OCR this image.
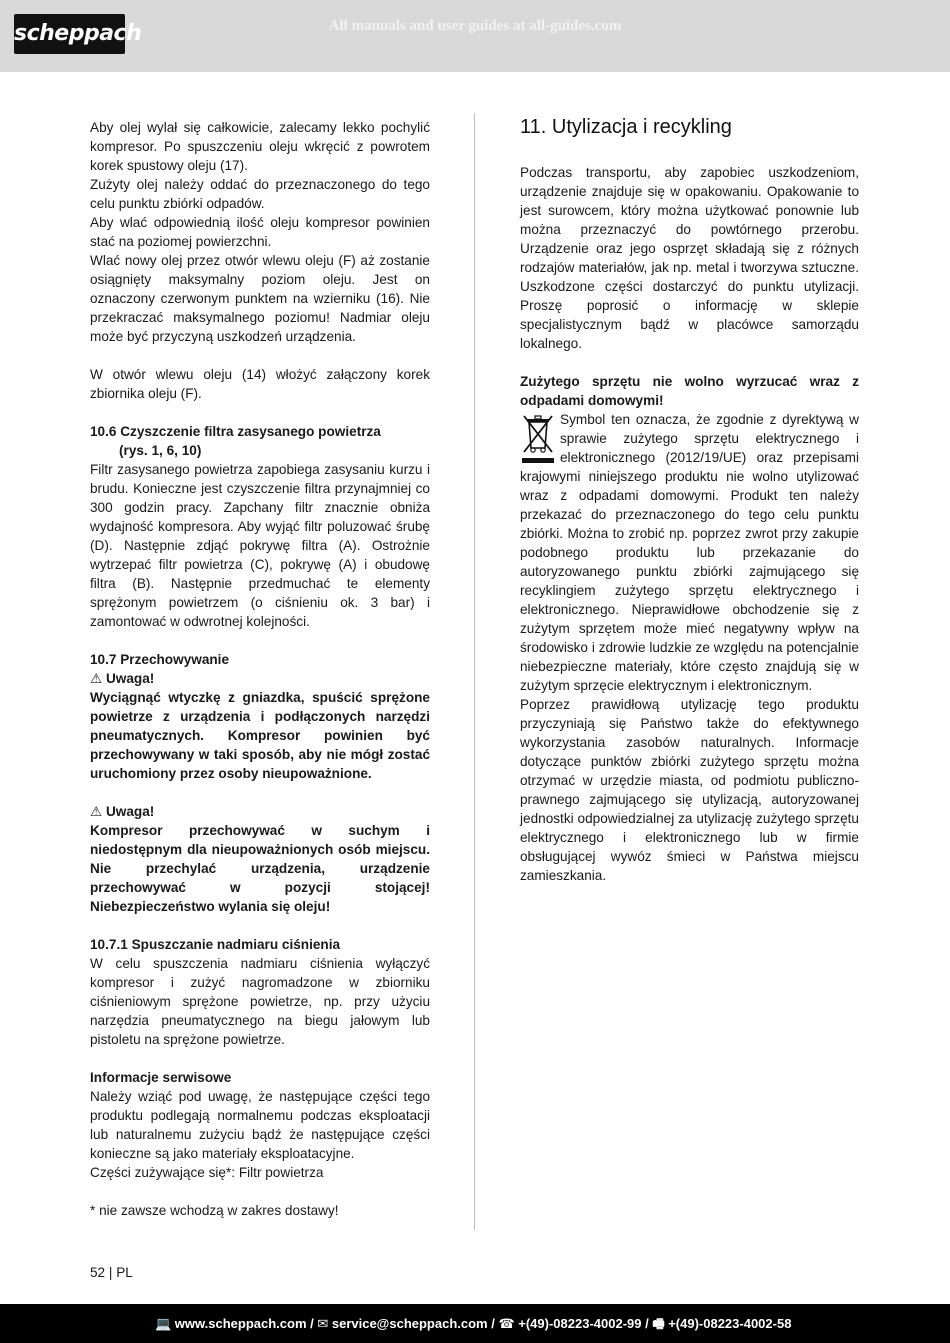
scheppach	All manuals and user guides at all-guides.com

Aby olej wylał się całkowicie, zalecamy lekko pochylić kompresor. Po spuszczeniu oleju wkręcić z powrotem korek spustowy oleju (17).

Zużyty olej należy oddać do przeznaczonego do tego celu punktu zbiórki odpadów.

Aby wlać odpowiednią ilość oleju kompresor powinien stać na poziomej powierzchni.

Wlać nowy olej przez otwór wlewu oleju (F) aż zostanie osiągnięty maksymalny poziom oleju. Jest on oznaczony czerwonym punktem na wzierniku (16). Nie przekraczać maksymalnego poziomu! Nadmiar oleju może być przyczyną uszkodzeń urządzenia.

W otwór wlewu oleju (14) włożyć załączony korek zbiornika oleju (F).

10.6 Czyszczenie filtra zasysanego powietrza

(rys. 1, 6, 10)

Filtr zasysanego powietrza zapobiega zasysaniu kurzu i brudu. Konieczne jest czyszczenie filtra przynajmniej co 300 godzin pracy. Zapchany filtr znacznie obniża wydajność kompresora. Aby wyjąć filtr poluzować śrubę (D). Następnie zdjąć pokrywę filtra (A). Ostrożnie wytrzepać filtr powietrza (C), pokrywę (A) i obudowę filtra (B). Następnie przedmuchać te elementy sprężonym powietrzem (o ciśnieniu ok. 3 bar) i zamontować w odwrotnej kolejności.

10.7 Przechowywanie

⚠ Uwaga!

Wyciągnąć wtyczkę z gniazdka, spuścić sprężone powietrze z urządzenia i podłączonych narzędzi pneumatycznych. Kompresor powinien być przechowywany w taki sposób, aby nie mógł zostać uruchomiony przez osoby nieupoważnione.

⚠ Uwaga!

Kompresor przechowywać w suchym i niedostępnym dla nieupoważnionych osób miejscu. Nie przechylać urządzenia, urządzenie przechowywać w pozycji stojącej! Niebezpieczeństwo wylania się oleju!

10.7.1 Spuszczanie nadmiaru ciśnienia

W celu spuszczenia nadmiaru ciśnienia wyłączyć kompresor i zużyć nagromadzone w zbiorniku ciśnieniowym sprężone powietrze, np. przy użyciu narzędzia pneumatycznego na biegu jałowym lub pistoletu na sprężone powietrze.

Informacje serwisowe

Należy wziąć pod uwagę, że następujące części tego produktu podlegają normalnemu podczas eksploatacji lub naturalnemu zużyciu bądź że następujące części konieczne są jako materiały eksploatacyjne.

Części zużywające się*: Filtr powietrza

* nie zawsze wchodzą w zakres dostawy!

11. Utylizacja i recykling

Podczas transportu, aby zapobiec uszkodzeniom, urządzenie znajduje się w opakowaniu. Opakowanie to jest surowcem, który można użytkować ponownie lub można przeznaczyć do powtórnego przerobu. Urządzenie oraz jego osprzęt składają się z różnych rodzajów materiałów, jak np. metal i tworzywa sztuczne. Uszkodzone części dostarczyć do punktu utylizacji. Proszę poprosić o informację w sklepie specjalistycznym bądź w placówce samorządu lokalnego.

Zużytego sprzętu nie wolno wyrzucać wraz z odpadami domowymi!

Symbol ten oznacza, że zgodnie z dyrektywą w sprawie zużytego sprzętu elektrycznego i elektronicznego (2012/19/UE) oraz przepisami krajowymi niniejszego produktu nie wolno utylizować wraz z odpadami domowymi. Produkt ten należy przekazać do przeznaczonego do tego celu punktu zbiórki. Można to zrobić np. poprzez zwrot przy zakupie podobnego produktu lub przekazanie do autoryzowanego punktu zbiórki zajmującego się recyklingiem zużytego sprzętu elektrycznego i elektronicznego. Nieprawidłowe obchodzenie się z zużytym sprzętem może mieć negatywny wpływ na środowisko i zdrowie ludzkie ze względu na potencjalnie niebezpieczne materiały, które często znajdują się w zużytym sprzęcie elektrycznym i elektronicznym.

Poprzez prawidłową utylizację tego produktu przyczyniają się Państwo także do efektywnego wykorzystania zasobów naturalnych. Informacje dotyczące punktów zbiórki zużytego sprzętu można otrzymać w urzędzie miasta, od podmiotu publiczno-prawnego zajmującego się utylizacją, autoryzowanej jednostki odpowiedzialnej za utylizację zużytego sprzętu elektrycznego i elektronicznego lub w firmie obsługującej wywóz śmieci w Państwa miejscu zamieszkania.

52 | PL
💻 www.scheppach.com / ✉ service@scheppach.com / ☎ +(49)-08223-4002-99 / 🖷 +(49)-08223-4002-58
